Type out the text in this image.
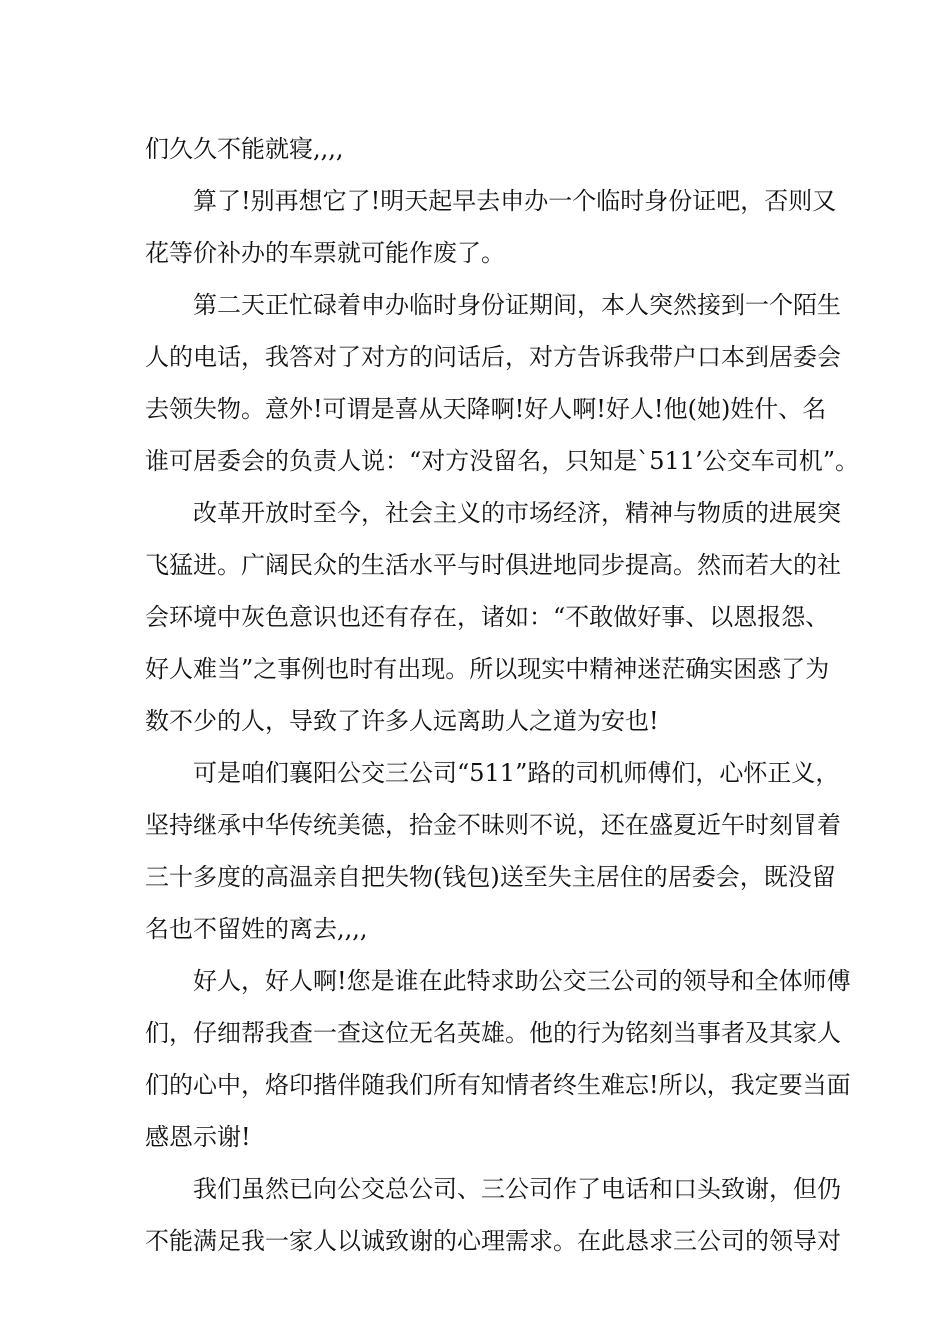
们久久不能就寝,,,,
算了!别再想它了!明天起早去申办一个临时身份证吧，否则又
花等价补办的车票就可能作废了。
第二天正忙碌着申办临时身份证期间，本人突然接到一个陌生
人的电话，我答对了对方的问话后，对方告诉我带户口本到居委会
去领失物。意外!可谓是喜从天降啊!好人啊!好人!他(她)姓什、名
谁可居委会的负责人说：“对方没留名，只知是`511’公交车司机”。
改革开放时至今，社会主义的市场经济，精神与物质的进展突
飞猛进。广阔民众的生活水平与时俱进地同步提高。然而若大的社
会环境中灰色意识也还有存在，诸如：“不敢做好事、以恩报怨、
好人难当”之事例也时有出现。所以现实中精神迷茫确实困惑了为
数不少的人，导致了许多人远离助人之道为安也!
可是咱们襄阳公交三公司“511”路的司机师傅们，心怀正义，
坚持继承中华传统美德，拾金不昧则不说，还在盛夏近午时刻冒着
三十多度的高温亲自把失物(钱包)送至失主居住的居委会，既没留
名也不留姓的离去,,,,
好人，好人啊!您是谁在此特求助公交三公司的领导和全体师傅
们，仔细帮我查一查这位无名英雄。他的行为铭刻当事者及其家人
们的心中，烙印揩伴随我们所有知情者终生难忘!所以，我定要当面
感恩示谢!
我们虽然已向公交总公司、三公司作了电话和口头致谢，但仍
不能满足我一家人以诚致谢的心理需求。在此恳求三公司的领导对
